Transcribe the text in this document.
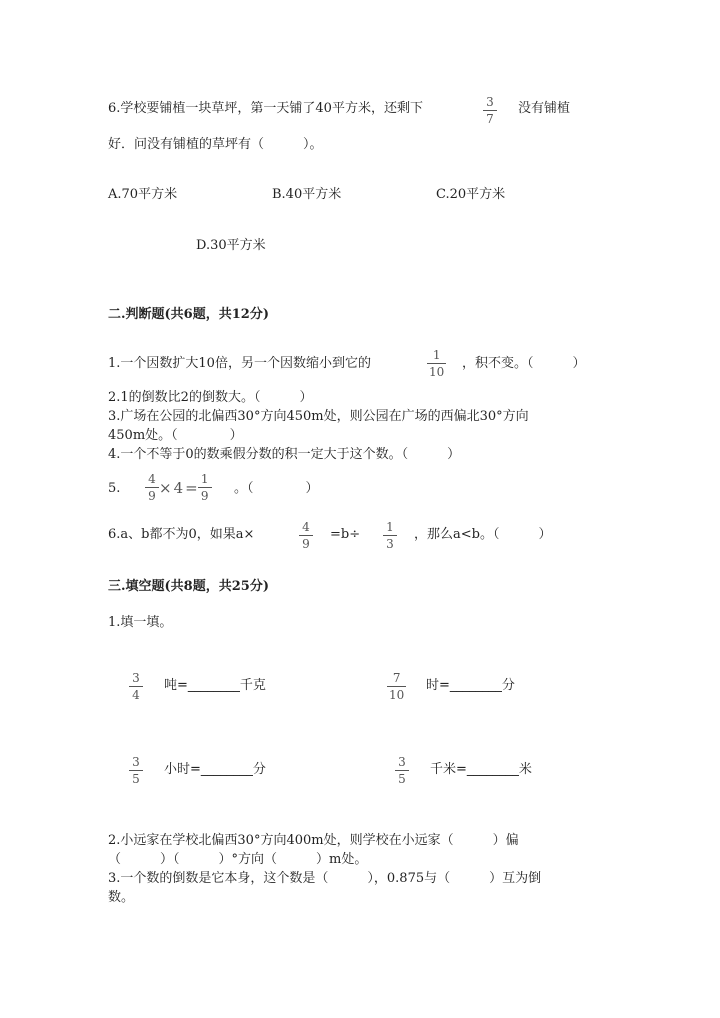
6.学校要铺植一块草坪，第一天铺了40平方米，还剩下	3
7
没有铺植
好．问没有铺植的草坪有（　　　）。
A.70平方米	B.40平方米	C.20平方米
D.30平方米
二.判断题(共6题，共12分)
1.一个因数扩大10倍，另一个因数缩小到它的
1
10
，积不变。（　　　）
2.1的倒数比2的倒数大。（　　　）
3.广场在公园的北偏西30°方向450m处，则公园在广场的西偏北30°方向
450m处。（　　　　）
4.一个不等于0的数乘假分数的积一定大于这个数。（　　　）
5. $\frac{4}{9} \times 4 = \frac{1}{9}$ 。（　　　　）
6.a、b都不为0，如果a×	4
9
=b÷ 1
3
，那么a<b。（　　　）
三.填空题(共8题，共25分)
1.填一填。
3
4
吨=________千克	7
10
时=________分
3
5
小时=________分	3
5
千米=________米
2.小远家在学校北偏西30°方向400m处，则学校在小远家（　　　）偏
（　　　）（　　　）°方向（　　　）m处。
3.一个数的倒数是它本身，这个数是（　　　），0.875与（　　　）互为倒
数。
